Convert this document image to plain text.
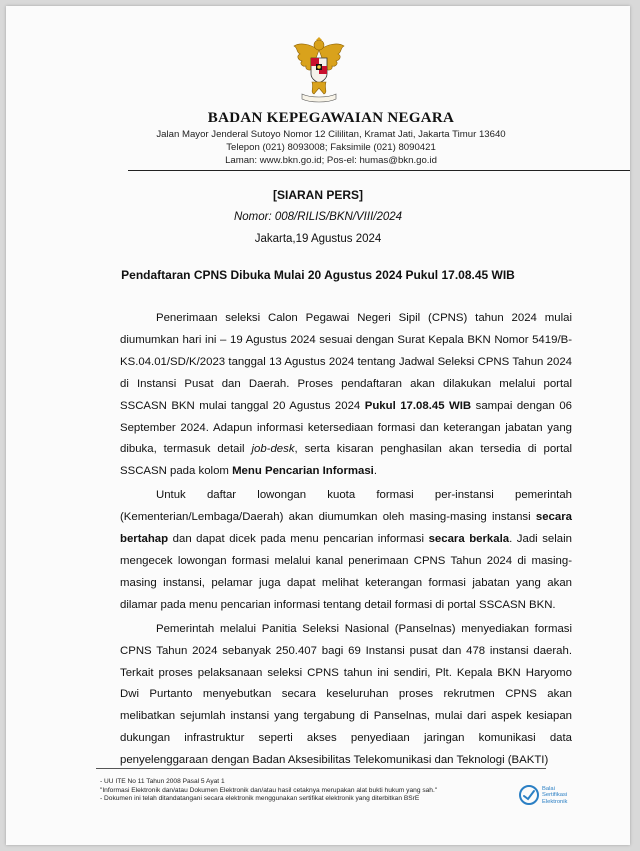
BADAN KEPEGAWAIAN NEGARA
Jalan Mayor Jenderal Sutoyo Nomor 12 Cililitan, Kramat Jati, Jakarta Timur 13640
Telepon (021) 8093008; Faksimile (021) 8090421
Laman: www.bkn.go.id; Pos-el: humas@bkn.go.id
[SIARAN PERS]
Nomor: 008/RILIS/BKN/VIII/2024
Jakarta,19 Agustus 2024
Pendaftaran CPNS Dibuka Mulai 20 Agustus 2024 Pukul 17.08.45 WIB

Penerimaan seleksi Calon Pegawai Negeri Sipil (CPNS) tahun 2024 mulai diumumkan hari ini – 19 Agustus 2024 sesuai dengan Surat Kepala BKN Nomor 5419/B-KS.04.01/SD/K/2023 tanggal 13 Agustus 2024 tentang Jadwal Seleksi CPNS Tahun 2024 di Instansi Pusat dan Daerah. Proses pendaftaran akan dilakukan melalui portal SSCASN BKN mulai tanggal 20 Agustus 2024 Pukul 17.08.45 WIB sampai dengan 06 September 2024. Adapun informasi ketersediaan formasi dan keterangan jabatan yang dibuka, termasuk detail job-desk, serta kisaran penghasilan akan tersedia di portal SSCASN pada kolom Menu Pencarian Informasi.

Untuk daftar lowongan kuota formasi per-instansi pemerintah (Kementerian/Lembaga/Daerah) akan diumumkan oleh masing-masing instansi secara bertahap dan dapat dicek pada menu pencarian informasi secara berkala. Jadi selain mengecek lowongan formasi melalui kanal penerimaan CPNS Tahun 2024 di masing-masing instansi, pelamar juga dapat melihat keterangan formasi jabatan yang akan dilamar pada menu pencarian informasi tentang detail formasi di portal SSCASN BKN.

Pemerintah melalui Panitia Seleksi Nasional (Panselnas) menyediakan formasi CPNS Tahun 2024 sebanyak 250.407 bagi 69 Instansi pusat dan 478 instansi daerah. Terkait proses pelaksanaan seleksi CPNS tahun ini sendiri, Plt. Kepala BKN Haryomo Dwi Purtanto menyebutkan secara keseluruhan proses rekrutmen CPNS akan melibatkan sejumlah instansi yang tergabung di Panselnas, mulai dari aspek kesiapan dukungan infrastruktur seperti akses penyediaan jaringan komunikasi data penyelenggaraan dengan Badan Aksesibilitas Telekomunikasi dan Teknologi (BAKTI)

- UU ITE No 11 Tahun 2008 Pasal 5 Ayat 1
"Informasi Elektronik dan/atau Dokumen Elektronik dan/atau hasil cetaknya merupakan alat bukti hukum yang sah."
- Dokumen ini telah ditandatangani secara elektronik menggunakan sertifikat elektronik yang diterbitkan BSrE
Balai
Sertifikasi
Elektronik
